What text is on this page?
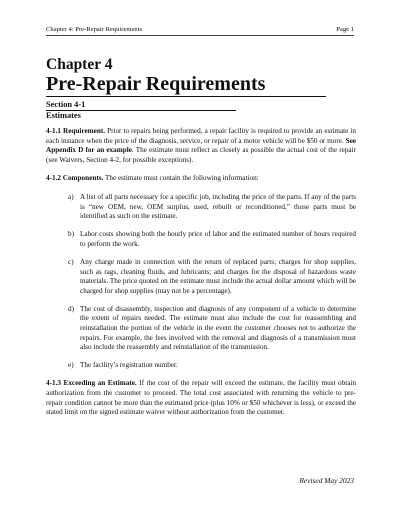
Chapter 4: Pre-Repair Requirements	Page 1
Chapter 4
Pre-Repair Requirements
Section 4-1
Estimates

4-1.1 Requirement. Prior to repairs being performed, a repair facility is required to provide an estimate in each instance when the price of the diagnosis, service, or repair of a motor vehicle will be $50 or more. See Appendix D for an example. The estimate must reflect as closely as possible the actual cost of the repair (see Waivers, Section 4-2, for possible exceptions).

4-1.2 Components. The estimate must contain the following information:

a) A list of all parts necessary for a specific job, including the price of the parts. If any of the parts is “new OEM, new, OEM surplus, used, rebuilt or reconditioned,” those parts must be identified as such on the estimate.
b) Labor costs showing both the hourly price of labor and the estimated number of hours required to perform the work.
c) Any charge made in connection with the return of replaced parts; charges for shop supplies, such as rags, cleaning fluids, and lubricants; and charges for the disposal of hazardous waste materials. The price quoted on the estimate must include the actual dollar amount which will be charged for shop supplies (may not be a percentage).
d) The cost of disassembly, inspection and diagnosis of any component of a vehicle to determine the extent of repairs needed. The estimate must also include the cost for reassembling and reinstallation the portion of the vehicle in the event the customer chooses not to authorize the repairs. For example, the fees involved with the removal and diagnosis of a transmission must also include the reassembly and reinstallation of the transmission.
e) The facility’s registration number.

4-1.3 Exceeding an Estimate. If the cost of the repair will exceed the estimate, the facility must obtain authorization from the customer to proceed. The total cost associated with returning the vehicle to pre-repair condition cannot be more than the estimated price (plus 10% or $50 whichever is less), or exceed the stated limit on the signed estimate waiver without authorization from the customer.

Revised May 2023
